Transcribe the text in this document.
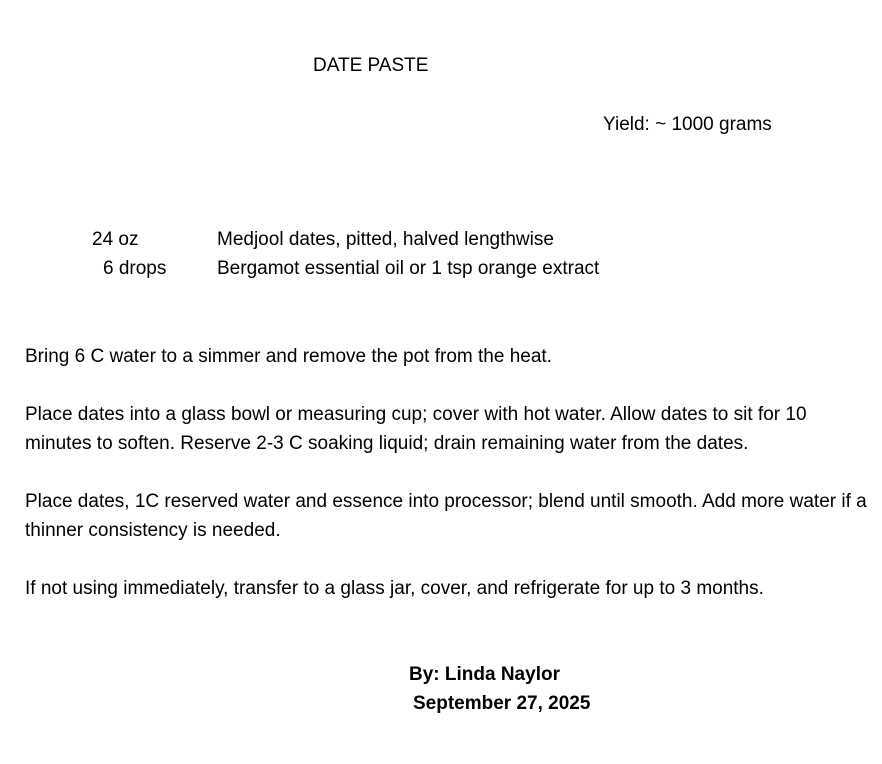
DATE PASTE
Yield: ~ 1000 grams
24 oz	Medjool dates, pitted, halved lengthwise
6 drops	Bergamot essential oil or 1 tsp orange extract
Bring 6 C water to a simmer and remove the pot from the heat.
Place dates into a glass bowl or measuring cup; cover with hot water. Allow dates to sit for 10 minutes to soften. Reserve 2-3 C soaking liquid; drain remaining water from the dates.
Place dates, 1C reserved water and essence into processor; blend until smooth. Add more water if a thinner consistency is needed.
If not using immediately, transfer to a glass jar, cover, and refrigerate for up to 3 months.
By: Linda Naylor
September 27, 2025
